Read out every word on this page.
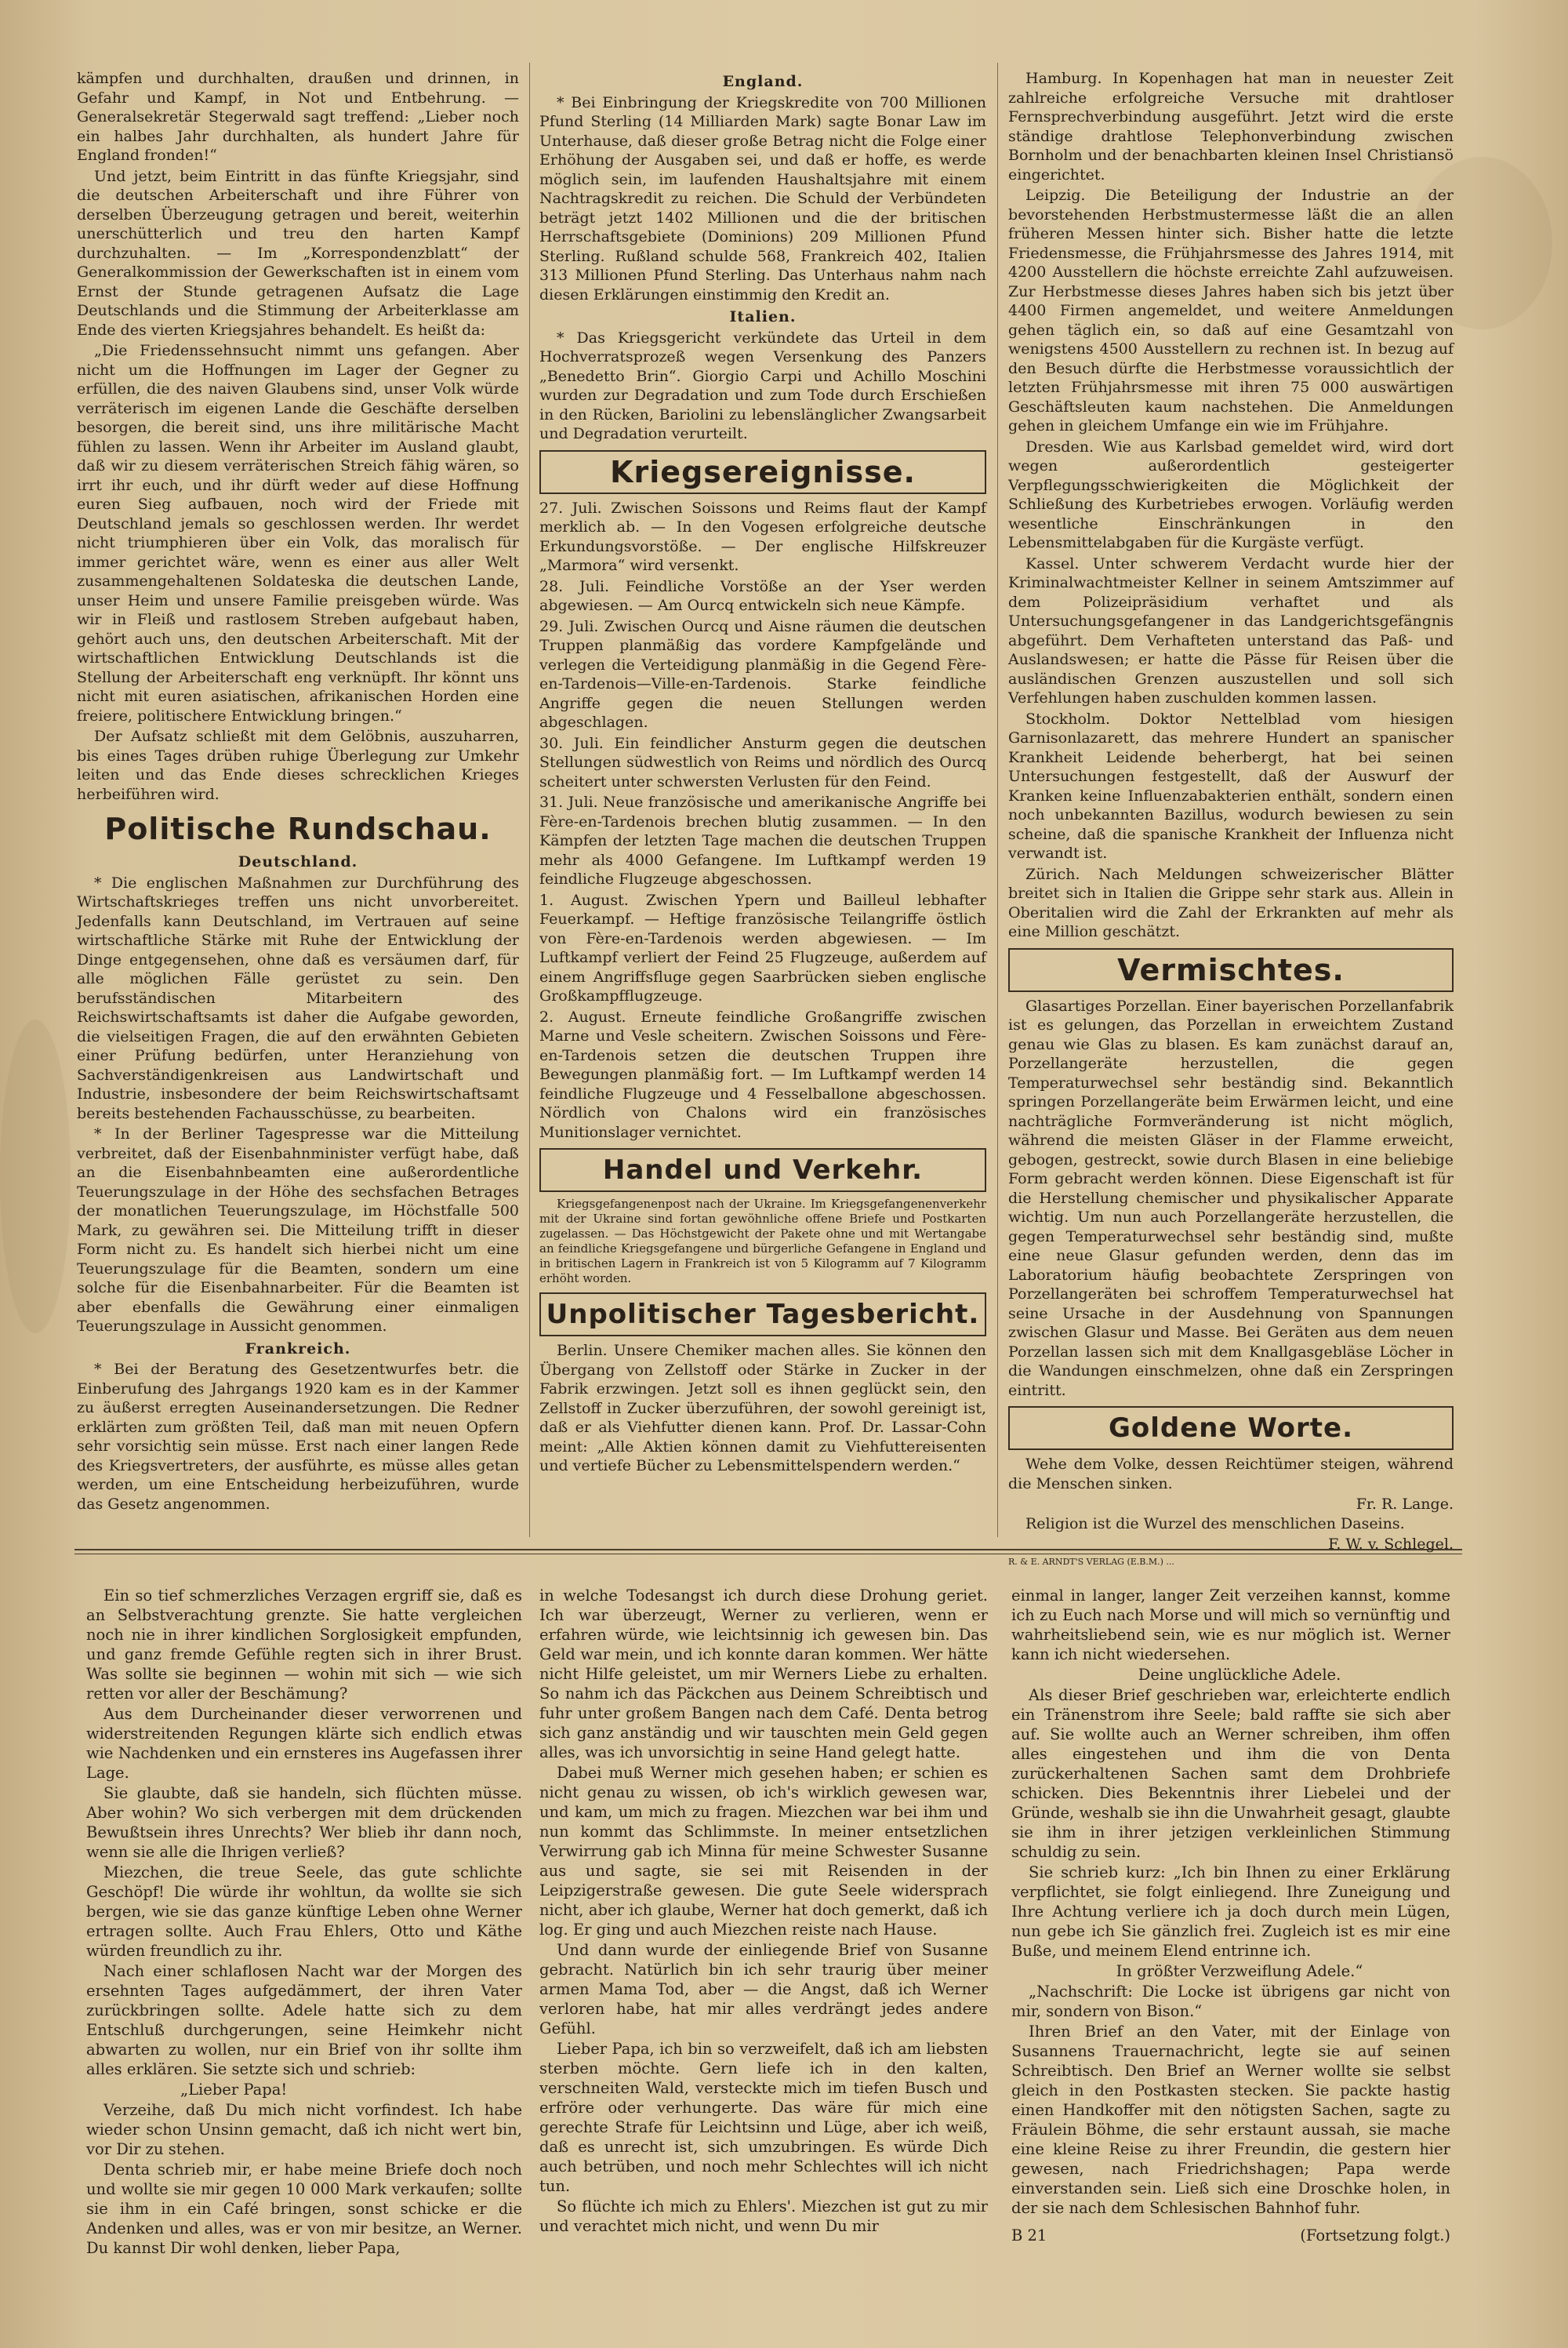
kämpfen und durchhalten, draußen und drinnen, in Gefahr und Kampf, in Not und Entbehrung. — Generalsekretär Stegerwald sagt treffend: „Lieber noch ein halbes Jahr durchhalten, als hundert Jahre für England fronden!“

Und jetzt, beim Eintritt in das fünfte Kriegsjahr, sind die deutschen Arbeiterschaft und ihre Führer von derselben Überzeugung getragen und bereit, weiterhin unerschütterlich und treu den harten Kampf durchzuhalten. — Im „Korrespondenzblatt“ der Generalkommission der Gewerkschaften ist in einem vom Ernst der Stunde getragenen Aufsatz die Lage Deutschlands und die Stimmung der Arbeiterklasse am Ende des vierten Kriegsjahres behandelt. Es heißt da:

„Die Friedenssehnsucht nimmt uns gefangen. Aber nicht um die Hoffnungen im Lager der Gegner zu erfüllen, die des naiven Glaubens sind, unser Volk würde verräterisch im eigenen Lande die Geschäfte derselben besorgen, die bereit sind, uns ihre militärische Macht fühlen zu lassen. Wenn ihr Arbeiter im Ausland glaubt, daß wir zu diesem verräterischen Streich fähig wären, so irrt ihr euch, und ihr dürft weder auf diese Hoffnung euren Sieg aufbauen, noch wird der Friede mit Deutschland jemals so geschlossen werden. Ihr werdet nicht triumphieren über ein Volk, das moralisch für immer gerichtet wäre, wenn es einer aus aller Welt zusammengehaltenen Soldateska die deutschen Lande, unser Heim und unsere Familie preisgeben würde. Was wir in Fleiß und rastlosem Streben aufgebaut haben, gehört auch uns, den deutschen Arbeiterschaft. Mit der wirtschaftlichen Entwicklung Deutschlands ist die Stellung der Arbeiterschaft eng verknüpft. Ihr könnt uns nicht mit euren asiatischen, afrikanischen Horden eine freiere, politischere Entwicklung bringen.“

Der Aufsatz schließt mit dem Gelöbnis, auszuharren, bis eines Tages drüben ruhige Überlegung zur Umkehr leiten und das Ende dieses schrecklichen Krieges herbeiführen wird.

Politische Rundschau.
Deutschland.

* Die englischen Maßnahmen zur Durchführung des Wirtschaftskrieges treffen uns nicht unvorbereitet. Jedenfalls kann Deutschland, im Vertrauen auf seine wirtschaftliche Stärke mit Ruhe der Entwicklung der Dinge entgegensehen, ohne daß es versäumen darf, für alle möglichen Fälle gerüstet zu sein. Den berufsständischen Mitarbeitern des Reichswirtschaftsamts ist daher die Aufgabe geworden, die vielseitigen Fragen, die auf den erwähnten Gebieten einer Prüfung bedürfen, unter Heranziehung von Sachverständigenkreisen aus Landwirtschaft und Industrie, insbesondere der beim Reichswirtschaftsamt bereits bestehenden Fachausschüsse, zu bearbeiten.

* In der Berliner Tagespresse war die Mitteilung verbreitet, daß der Eisenbahnminister verfügt habe, daß an die Eisenbahnbeamten eine außerordentliche Teuerungszulage in der Höhe des sechsfachen Betrages der monatlichen Teuerungszulage, im Höchstfalle 500 Mark, zu gewähren sei. Die Mitteilung trifft in dieser Form nicht zu. Es handelt sich hierbei nicht um eine Teuerungszulage für die Beamten, sondern um eine solche für die Eisenbahnarbeiter. Für die Beamten ist aber ebenfalls die Gewährung einer einmaligen Teuerungszulage in Aussicht genommen.

Frankreich.

* Bei der Beratung des Gesetzentwurfes betr. die Einberufung des Jahrgangs 1920 kam es in der Kammer zu äußerst erregten Auseinandersetzungen. Die Redner erklärten zum größten Teil, daß man mit neuen Opfern sehr vorsichtig sein müsse. Erst nach einer langen Rede des Kriegsvertreters, der ausführte, es müsse alles getan werden, um eine Entscheidung herbeizuführen, wurde das Gesetz angenommen.

England.

* Bei Einbringung der Kriegskredite von 700 Millionen Pfund Sterling (14 Milliarden Mark) sagte Bonar Law im Unterhause, daß dieser große Betrag nicht die Folge einer Erhöhung der Ausgaben sei, und daß er hoffe, es werde möglich sein, im laufenden Haushaltsjahre mit einem Nachtragskredit zu reichen. Die Schuld der Verbündeten beträgt jetzt 1402 Millionen und die der britischen Herrschaftsgebiete (Dominions) 209 Millionen Pfund Sterling. Rußland schulde 568, Frankreich 402, Italien 313 Millionen Pfund Sterling. Das Unterhaus nahm nach diesen Erklärungen einstimmig den Kredit an.

Italien.

* Das Kriegsgericht verkündete das Urteil in dem Hochverratsprozeß wegen Versenkung des Panzers „Benedetto Brin“. Giorgio Carpi und Achillo Moschini wurden zur Degradation und zum Tode durch Erschießen in den Rücken, Bariolini zu lebenslänglicher Zwangsarbeit und Degradation verurteilt.

Kriegsereignisse.

27. Juli. Zwischen Soissons und Reims flaut der Kampf merklich ab. — In den Vogesen erfolgreiche deutsche Erkundungsvorstöße. — Der englische Hilfskreuzer „Marmora“ wird versenkt.

28. Juli. Feindliche Vorstöße an der Yser werden abgewiesen. — Am Ourcq entwickeln sich neue Kämpfe.

29. Juli. Zwischen Ourcq und Aisne räumen die deutschen Truppen planmäßig das vordere Kampfgelände und verlegen die Verteidigung planmäßig in die Gegend Fère-en-Tardenois—Ville-en-Tardenois. Starke feindliche Angriffe gegen die neuen Stellungen werden abgeschlagen.

30. Juli. Ein feindlicher Ansturm gegen die deutschen Stellungen südwestlich von Reims und nördlich des Ourcq scheitert unter schwersten Verlusten für den Feind.

31. Juli. Neue französische und amerikanische Angriffe bei Fère-en-Tardenois brechen blutig zusammen. — In den Kämpfen der letzten Tage machen die deutschen Truppen mehr als 4000 Gefangene. Im Luftkampf werden 19 feindliche Flugzeuge abgeschossen.

1. August. Zwischen Ypern und Bailleul lebhafter Feuerkampf. — Heftige französische Teilangriffe östlich von Fère-en-Tardenois werden abgewiesen. — Im Luftkampf verliert der Feind 25 Flugzeuge, außerdem auf einem Angriffsfluge gegen Saarbrücken sieben englische Großkampfflugzeuge.

2. August. Erneute feindliche Großangriffe zwischen Marne und Vesle scheitern. Zwischen Soissons und Fère-en-Tardenois setzen die deutschen Truppen ihre Bewegungen planmäßig fort. — Im Luftkampf werden 14 feindliche Flugzeuge und 4 Fesselballone abgeschossen. Nördlich von Chalons wird ein französisches Munitionslager vernichtet.

Handel und Verkehr.

Kriegsgefangenenpost nach der Ukraine. Im Kriegsgefangenenverkehr mit der Ukraine sind fortan gewöhnliche offene Briefe und Postkarten zugelassen. — Das Höchstgewicht der Pakete ohne und mit Wertangabe an feindliche Kriegsgefangene und bürgerliche Gefangene in England und in britischen Lagern in Frankreich ist von 5 Kilogramm auf 7 Kilogramm erhöht worden.

Unpolitischer Tagesbericht.

Berlin. Unsere Chemiker machen alles. Sie können den Übergang von Zellstoff oder Stärke in Zucker in der Fabrik erzwingen. Jetzt soll es ihnen geglückt sein, den Zellstoff in Zucker überzuführen, der sowohl gereinigt ist, daß er als Viehfutter dienen kann. Prof. Dr. Lassar-Cohn meint: „Alle Aktien können damit zu Viehfuttereisenten und vertiefe Bücher zu Lebensmittelspendern werden.“

Hamburg. In Kopenhagen hat man in neuester Zeit zahlreiche erfolgreiche Versuche mit drahtloser Fernsprechverbindung ausgeführt. Jetzt wird die erste ständige drahtlose Telephonverbindung zwischen Bornholm und der benachbarten kleinen Insel Christiansö eingerichtet.

Leipzig. Die Beteiligung der Industrie an der bevorstehenden Herbstmustermesse läßt die an allen früheren Messen hinter sich. Bisher hatte die letzte Friedensmesse, die Frühjahrsmesse des Jahres 1914, mit 4200 Ausstellern die höchste erreichte Zahl aufzuweisen. Zur Herbstmesse dieses Jahres haben sich bis jetzt über 4400 Firmen angemeldet, und weitere Anmeldungen gehen täglich ein, so daß auf eine Gesamtzahl von wenigstens 4500 Ausstellern zu rechnen ist. In bezug auf den Besuch dürfte die Herbstmesse voraussichtlich der letzten Frühjahrsmesse mit ihren 75 000 auswärtigen Geschäftsleuten kaum nachstehen. Die Anmeldungen gehen in gleichem Umfange ein wie im Frühjahre.

Dresden. Wie aus Karlsbad gemeldet wird, wird dort wegen außerordentlich gesteigerter Verpflegungsschwierigkeiten die Möglichkeit der Schließung des Kurbetriebes erwogen. Vorläufig werden wesentliche Einschränkungen in den Lebensmittelabgaben für die Kurgäste verfügt.

Kassel. Unter schwerem Verdacht wurde hier der Kriminalwachtmeister Kellner in seinem Amtszimmer auf dem Polizeipräsidium verhaftet und als Untersuchungsgefangener in das Landgerichtsgefängnis abgeführt. Dem Verhafteten unterstand das Paß- und Auslandswesen; er hatte die Pässe für Reisen über die ausländischen Grenzen auszustellen und soll sich Verfehlungen haben zuschulden kommen lassen.

Stockholm. Doktor Nettelblad vom hiesigen Garnisonlazarett, das mehrere Hundert an spanischer Krankheit Leidende beherbergt, hat bei seinen Untersuchungen festgestellt, daß der Auswurf der Kranken keine Influenzabakterien enthält, sondern einen noch unbekannten Bazillus, wodurch bewiesen zu sein scheine, daß die spanische Krankheit der Influenza nicht verwandt ist.

Zürich. Nach Meldungen schweizerischer Blätter breitet sich in Italien die Grippe sehr stark aus. Allein in Oberitalien wird die Zahl der Erkrankten auf mehr als eine Million geschätzt.

Vermischtes.

Glasartiges Porzellan. Einer bayerischen Porzellanfabrik ist es gelungen, das Porzellan in erweichtem Zustand genau wie Glas zu blasen. Es kam zunächst darauf an, Porzellangeräte herzustellen, die gegen Temperaturwechsel sehr beständig sind. Bekanntlich springen Porzellangeräte beim Erwärmen leicht, und eine nachträgliche Formveränderung ist nicht möglich, während die meisten Gläser in der Flamme erweicht, gebogen, gestreckt, sowie durch Blasen in eine beliebige Form gebracht werden können. Diese Eigenschaft ist für die Herstellung chemischer und physikalischer Apparate wichtig. Um nun auch Porzellangeräte herzustellen, die gegen Temperaturwechsel sehr beständig sind, mußte eine neue Glasur gefunden werden, denn das im Laboratorium häufig beobachtete Zerspringen von Porzellangeräten bei schroffem Temperaturwechsel hat seine Ursache in der Ausdehnung von Spannungen zwischen Glasur und Masse. Bei Geräten aus dem neuen Porzellan lassen sich mit dem Knallgasgebläse Löcher in die Wandungen einschmelzen, ohne daß ein Zerspringen eintritt.

Goldene Worte.

Wehe dem Volke, dessen Reichtümer steigen, während die Menschen sinken.

Fr. R. Lange.

Religion ist die Wurzel des menschlichen Daseins.

F. W. v. Schlegel.
R. & E. ARNDT'S VERLAG (E.B.M.) ...

Ein so tief schmerzliches Verzagen ergriff sie, daß es an Selbstverachtung grenzte. Sie hatte vergleichen noch nie in ihrer kindlichen Sorglosigkeit empfunden, und ganz fremde Gefühle regten sich in ihrer Brust. Was sollte sie beginnen — wohin mit sich — wie sich retten vor aller der Beschämung?

Aus dem Durcheinander dieser verworrenen und widerstreitenden Regungen klärte sich endlich etwas wie Nachdenken und ein ernsteres ins Augefassen ihrer Lage.

Sie glaubte, daß sie handeln, sich flüchten müsse. Aber wohin? Wo sich verbergen mit dem drückenden Bewußtsein ihres Unrechts? Wer blieb ihr dann noch, wenn sie alle die Ihrigen verließ?

Miezchen, die treue Seele, das gute schlichte Geschöpf! Die würde ihr wohltun, da wollte sie sich bergen, wie sie das ganze künftige Leben ohne Werner ertragen sollte. Auch Frau Ehlers, Otto und Käthe würden freundlich zu ihr.

Nach einer schlaflosen Nacht war der Morgen des ersehnten Tages aufgedämmert, der ihren Vater zurückbringen sollte. Adele hatte sich zu dem Entschluß durchgerungen, seine Heimkehr nicht abwarten zu wollen, nur ein Brief von ihr sollte ihm alles erklären. Sie setzte sich und schrieb:

„Lieber Papa!

Verzeihe, daß Du mich nicht vorfindest. Ich habe wieder schon Unsinn gemacht, daß ich nicht wert bin, vor Dir zu stehen.

Denta schrieb mir, er habe meine Briefe doch noch und wollte sie mir gegen 10 000 Mark verkaufen; sollte sie ihm in ein Café bringen, sonst schicke er die Andenken und alles, was er von mir besitze, an Werner. Du kannst Dir wohl denken, lieber Papa,

in welche Todesangst ich durch diese Drohung geriet. Ich war überzeugt, Werner zu verlieren, wenn er erfahren würde, wie leichtsinnig ich gewesen bin. Das Geld war mein, und ich konnte daran kommen. Wer hätte nicht Hilfe geleistet, um mir Werners Liebe zu erhalten. So nahm ich das Päckchen aus Deinem Schreibtisch und fuhr unter großem Bangen nach dem Café. Denta betrog sich ganz anständig und wir tauschten mein Geld gegen alles, was ich unvorsichtig in seine Hand gelegt hatte.

Dabei muß Werner mich gesehen haben; er schien es nicht genau zu wissen, ob ich's wirklich gewesen war, und kam, um mich zu fragen. Miezchen war bei ihm und nun kommt das Schlimmste. In meiner entsetzlichen Verwirrung gab ich Minna für meine Schwester Susanne aus und sagte, sie sei mit Reisenden in der Leipzigerstraße gewesen. Die gute Seele widersprach nicht, aber ich glaube, Werner hat doch gemerkt, daß ich log. Er ging und auch Miezchen reiste nach Hause.

Und dann wurde der einliegende Brief von Susanne gebracht. Natürlich bin ich sehr traurig über meiner armen Mama Tod, aber — die Angst, daß ich Werner verloren habe, hat mir alles verdrängt jedes andere Gefühl.

Lieber Papa, ich bin so verzweifelt, daß ich am liebsten sterben möchte. Gern liefe ich in den kalten, verschneiten Wald, versteckte mich im tiefen Busch und erfröre oder verhungerte. Das wäre für mich eine gerechte Strafe für Leichtsinn und Lüge, aber ich weiß, daß es unrecht ist, sich umzubringen. Es würde Dich auch betrüben, und noch mehr Schlechtes will ich nicht tun.

So flüchte ich mich zu Ehlers'. Miezchen ist gut zu mir und verachtet mich nicht, und wenn Du mir

einmal in langer, langer Zeit verzeihen kannst, komme ich zu Euch nach Morse und will mich so vernünftig und wahrheitsliebend sein, wie es nur möglich ist. Werner kann ich nicht wiedersehen.

Deine unglückliche Adele.

Als dieser Brief geschrieben war, erleichterte endlich ein Tränenstrom ihre Seele; bald raffte sie sich aber auf. Sie wollte auch an Werner schreiben, ihm offen alles eingestehen und ihm die von Denta zurückerhaltenen Sachen samt dem Drohbriefe schicken. Dies Bekenntnis ihrer Liebelei und der Gründe, weshalb sie ihn die Unwahrheit gesagt, glaubte sie ihm in ihrer jetzigen verkleinlichen Stimmung schuldig zu sein.

Sie schrieb kurz: „Ich bin Ihnen zu einer Erklärung verpflichtet, sie folgt einliegend. Ihre Zuneigung und Ihre Achtung verliere ich ja doch durch mein Lügen, nun gebe ich Sie gänzlich frei. Zugleich ist es mir eine Buße, und meinem Elend entrinne ich.

In größter Verzweiflung Adele.“

„Nachschrift: Die Locke ist übrigens gar nicht von mir, sondern von Bison.“

Ihren Brief an den Vater, mit der Einlage von Susannens Trauernachricht, legte sie auf seinen Schreibtisch. Den Brief an Werner wollte sie selbst gleich in den Postkasten stecken. Sie packte hastig einen Handkoffer mit den nötigsten Sachen, sagte zu Fräulein Böhme, die sehr erstaunt aussah, sie mache eine kleine Reise zu ihrer Freundin, die gestern hier gewesen, nach Friedrichshagen; Papa werde einverstanden sein. Ließ sich eine Droschke holen, in der sie nach dem Schlesischen Bahnhof fuhr.

B 21	(Fortsetzung folgt.)
